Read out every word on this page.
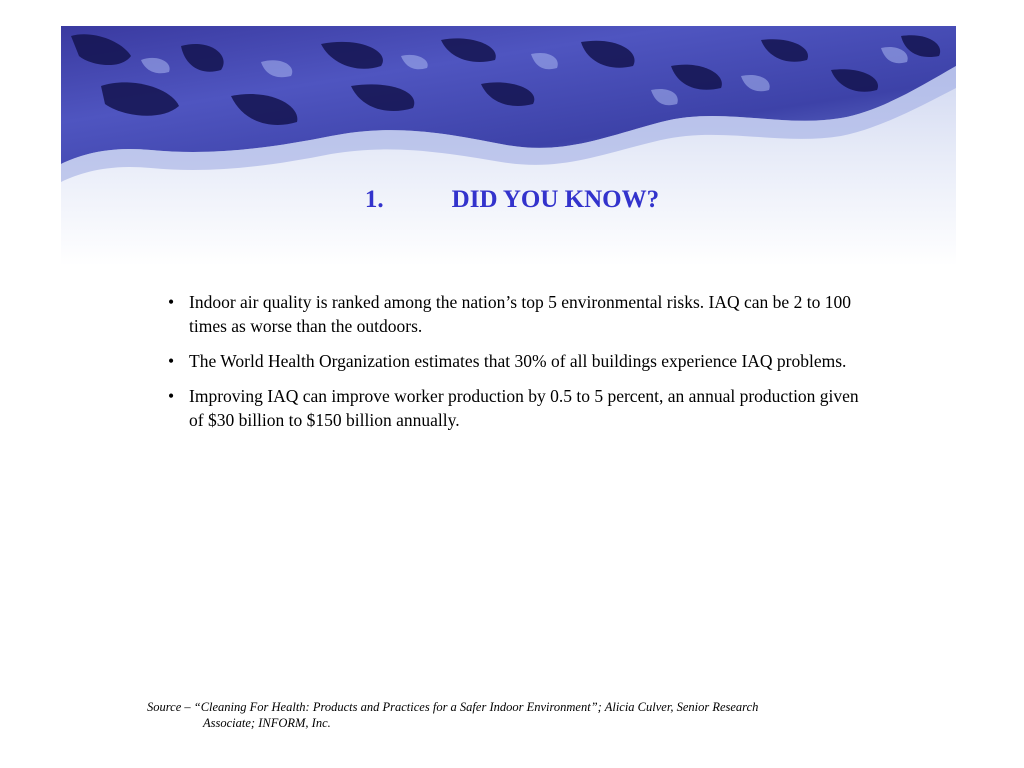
1.	DID YOU KNOW?
• Indoor air quality is ranked among the nation’s top 5 environmental risks. IAQ can be 2 to 100 times as worse than the outdoors.
• The World Health Organization estimates that 30% of all buildings experience IAQ problems.
• Improving IAQ can improve worker production by 0.5 to 5 percent, an annual production given of $30 billion to $150 billion annually.
Source – “Cleaning For Health: Products and Practices for a Safer Indoor Environment”; Alicia Culver, Senior Research
Associate; INFORM, Inc.
